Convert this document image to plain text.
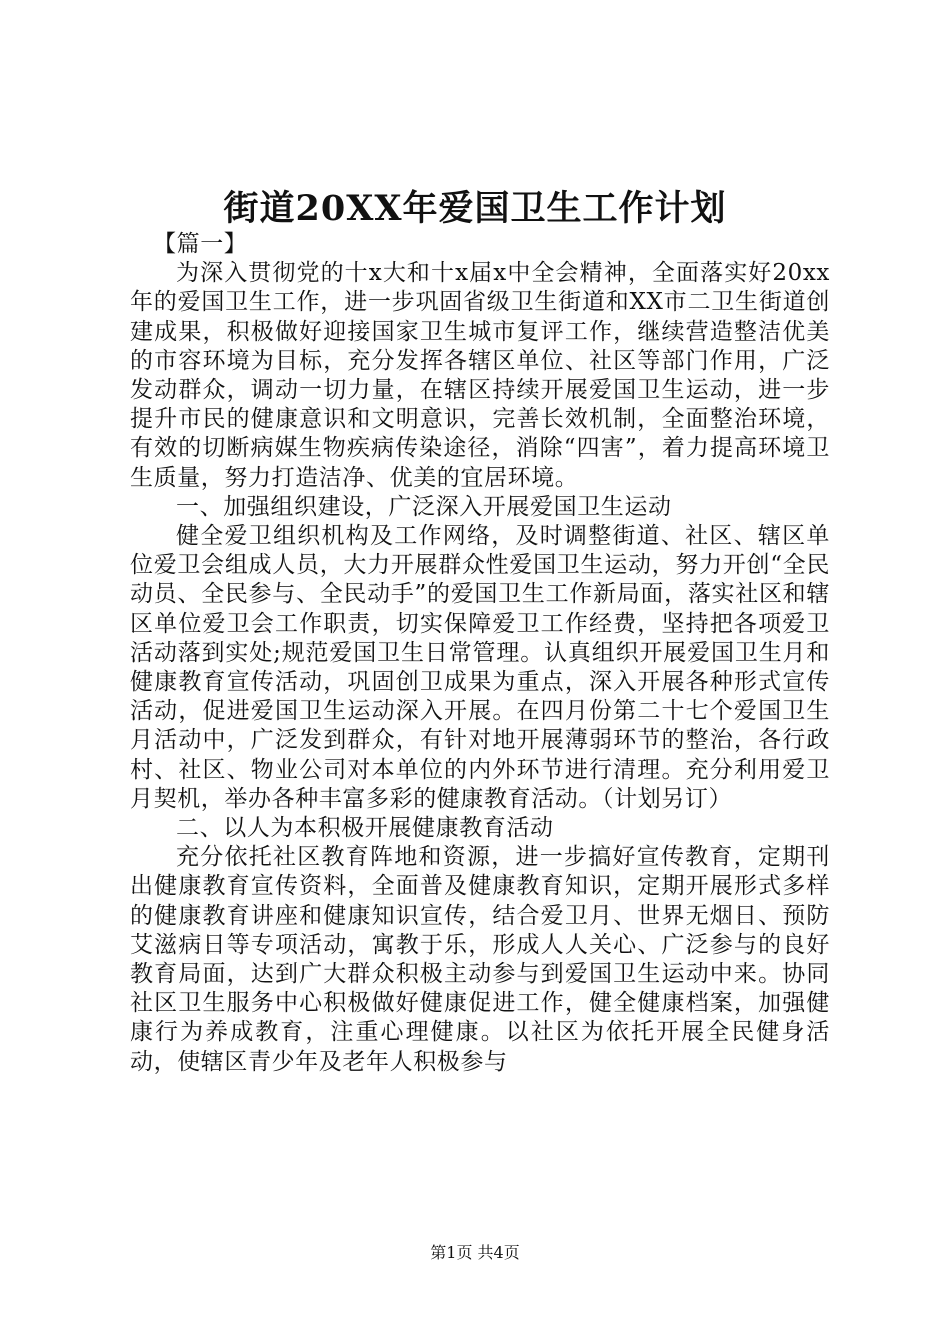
街道20XX年爱国卫生工作计划

【篇一】

为深入贯彻党的十x大和十x届x中全会精神，全面落实好20xx年的爱国卫生工作，进一步巩固省级卫生街道和XX市二卫生街道创建成果，积极做好迎接国家卫生城市复评工作，继续营造整洁优美的市容环境为目标，充分发挥各辖区单位、社区等部门作用，广泛发动群众，调动一切力量，在辖区持续开展爱国卫生运动，进一步提升市民的健康意识和文明意识，完善长效机制，全面整治环境，有效的切断病媒生物疾病传染途径，消除“四害”，着力提高环境卫生质量，努力打造洁净、优美的宜居环境。

一、加强组织建设，广泛深入开展爱国卫生运动

健全爱卫组织机构及工作网络，及时调整街道、社区、辖区单位爱卫会组成人员，大力开展群众性爱国卫生运动，努力开创“全民动员、全民参与、全民动手”的爱国卫生工作新局面，落实社区和辖区单位爱卫会工作职责，切实保障爱卫工作经费，坚持把各项爱卫活动落到实处;规范爱国卫生日常管理。认真组织开展爱国卫生月和健康教育宣传活动，巩固创卫成果为重点，深入开展各种形式宣传活动，促进爱国卫生运动深入开展。在四月份第二十七个爱国卫生月活动中，广泛发到群众，有针对地开展薄弱环节的整治，各行政村、社区、物业公司对本单位的内外环节进行清理。充分利用爱卫月契机，举办各种丰富多彩的健康教育活动。（计划另订）

二、以人为本积极开展健康教育活动

充分依托社区教育阵地和资源，进一步搞好宣传教育，定期刊出健康教育宣传资料，全面普及健康教育知识，定期开展形式多样的健康教育讲座和健康知识宣传，结合爱卫月、世界无烟日、预防艾滋病日等专项活动，寓教于乐，形成人人关心、广泛参与的良好教育局面，达到广大群众积极主动参与到爱国卫生运动中来。协同社区卫生服务中心积极做好健康促进工作，健全健康档案，加强健康行为养成教育，注重心理健康。以社区为依托开展全民健身活动，使辖区青少年及老年人积极参与

第1页 共4页
